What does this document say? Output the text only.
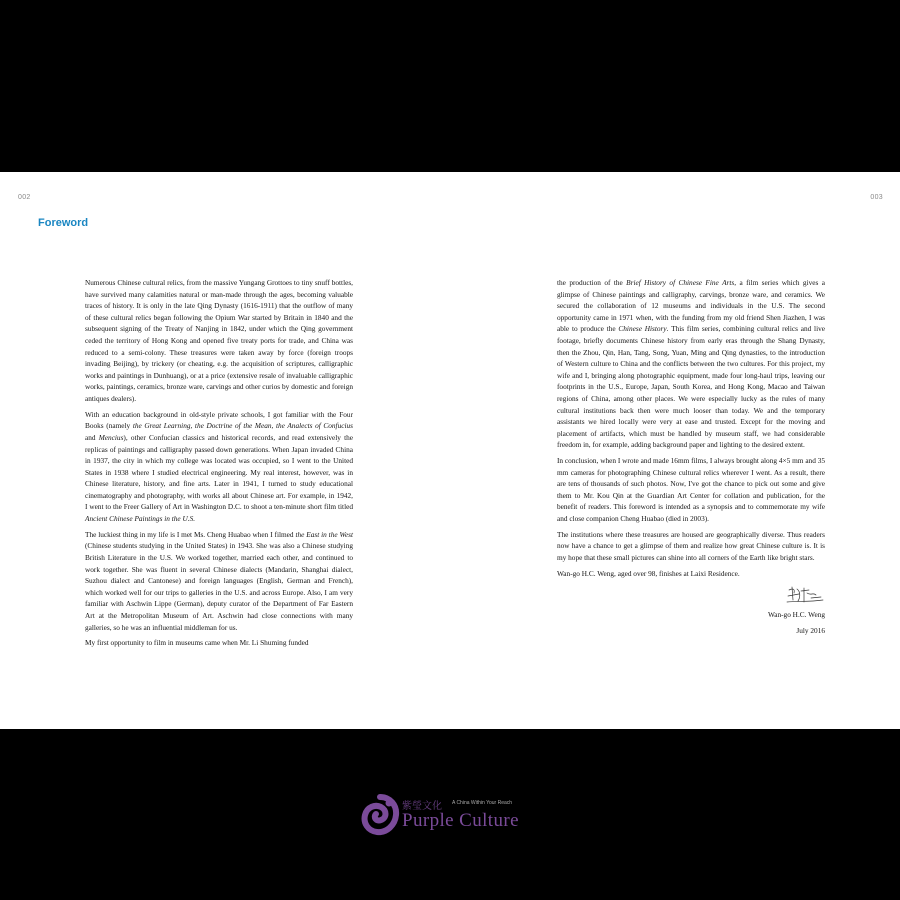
002	003
Foreword

Numerous Chinese cultural relics, from the massive Yungang Grottoes to tiny snuff bottles, have survived many calamities natural or man-made through the ages, becoming valuable traces of history. It is only in the late Qing Dynasty (1616-1911) that the outflow of many of these cultural relics began following the Opium War started by Britain in 1840 and the subsequent signing of the Treaty of Nanjing in 1842, under which the Qing government ceded the territory of Hong Kong and opened five treaty ports for trade, and China was reduced to a semi-colony. These treasures were taken away by force (foreign troops invading Beijing), by trickery (or cheating, e.g. the acquisition of scriptures, calligraphic works and paintings in Dunhuang), or at a price (extensive resale of invaluable calligraphic works, paintings, ceramics, bronze ware, carvings and other curios by domestic and foreign antiques dealers).

With an education background in old-style private schools, I got familiar with the Four Books (namely the Great Learning, the Doctrine of the Mean, the Analects of Confucius and Mencius), other Confucian classics and historical records, and read extensively the replicas of paintings and calligraphy passed down generations. When Japan invaded China in 1937, the city in which my college was located was occupied, so I went to the United States in 1938 where I studied electrical engineering. My real interest, however, was in Chinese literature, history, and fine arts. Later in 1941, I turned to study educational cinematography and photography, with works all about Chinese art. For example, in 1942, I went to the Freer Gallery of Art in Washington D.C. to shoot a ten-minute short film titled Ancient Chinese Paintings in the U.S.

The luckiest thing in my life is I met Ms. Cheng Huabao when I filmed the East in the West (Chinese students studying in the United States) in 1943. She was also a Chinese studying British Literature in the U.S. We worked together, married each other, and continued to work together. She was fluent in several Chinese dialects (Mandarin, Shanghai dialect, Suzhou dialect and Cantonese) and foreign languages (English, German and French), which worked well for our trips to galleries in the U.S. and across Europe. Also, I am very familiar with Aschwin Lippe (German), deputy curator of the Department of Far Eastern Art at the Metropolitan Museum of Art. Aschwin had close connections with many galleries, so he was an influential middleman for us.

My first opportunity to film in museums came when Mr. Li Shuming funded

the production of the Brief History of Chinese Fine Arts, a film series which gives a glimpse of Chinese paintings and calligraphy, carvings, bronze ware, and ceramics. We secured the collaboration of 12 museums and individuals in the U.S. The second opportunity came in 1971 when, with the funding from my old friend Shen Jiazhen, I was able to produce the Chinese History. This film series, combining cultural relics and live footage, briefly documents Chinese history from early eras through the Shang Dynasty, then the Zhou, Qin, Han, Tang, Song, Yuan, Ming and Qing dynasties, to the introduction of Western culture to China and the conflicts between the two cultures. For this project, my wife and I, bringing along photographic equipment, made four long-haul trips, leaving our footprints in the U.S., Europe, Japan, South Korea, and Hong Kong, Macao and Taiwan regions of China, among other places. We were especially lucky as the rules of many cultural institutions back then were much looser than today. We and the temporary assistants we hired locally were very at ease and trusted. Except for the moving and placement of artifacts, which must be handled by museum staff, we had considerable freedom in, for example, adding background paper and lighting to the desired extent.

In conclusion, when I wrote and made 16mm films, I always brought along 4×5 mm and 35 mm cameras for photographing Chinese cultural relics wherever I went. As a result, there are tens of thousands of such photos. Now, I've got the chance to pick out some and give them to Mr. Kou Qin at the Guardian Art Center for collation and publication, for the benefit of readers. This foreword is intended as a synopsis and to commemorate my wife and close companion Cheng Huabao (died in 2003).

The institutions where these treasures are housed are geographically diverse. Thus readers now have a chance to get a glimpse of them and realize how great Chinese culture is. It is my hope that these small pictures can shine into all corners of the Earth like bright stars.

Wan-go H.C. Weng, aged over 98, finishes at Laixi Residence.

Wan-go H.C. Weng

July 2016

紫瑩文化 A China Within Your Reach
Purple Culture
